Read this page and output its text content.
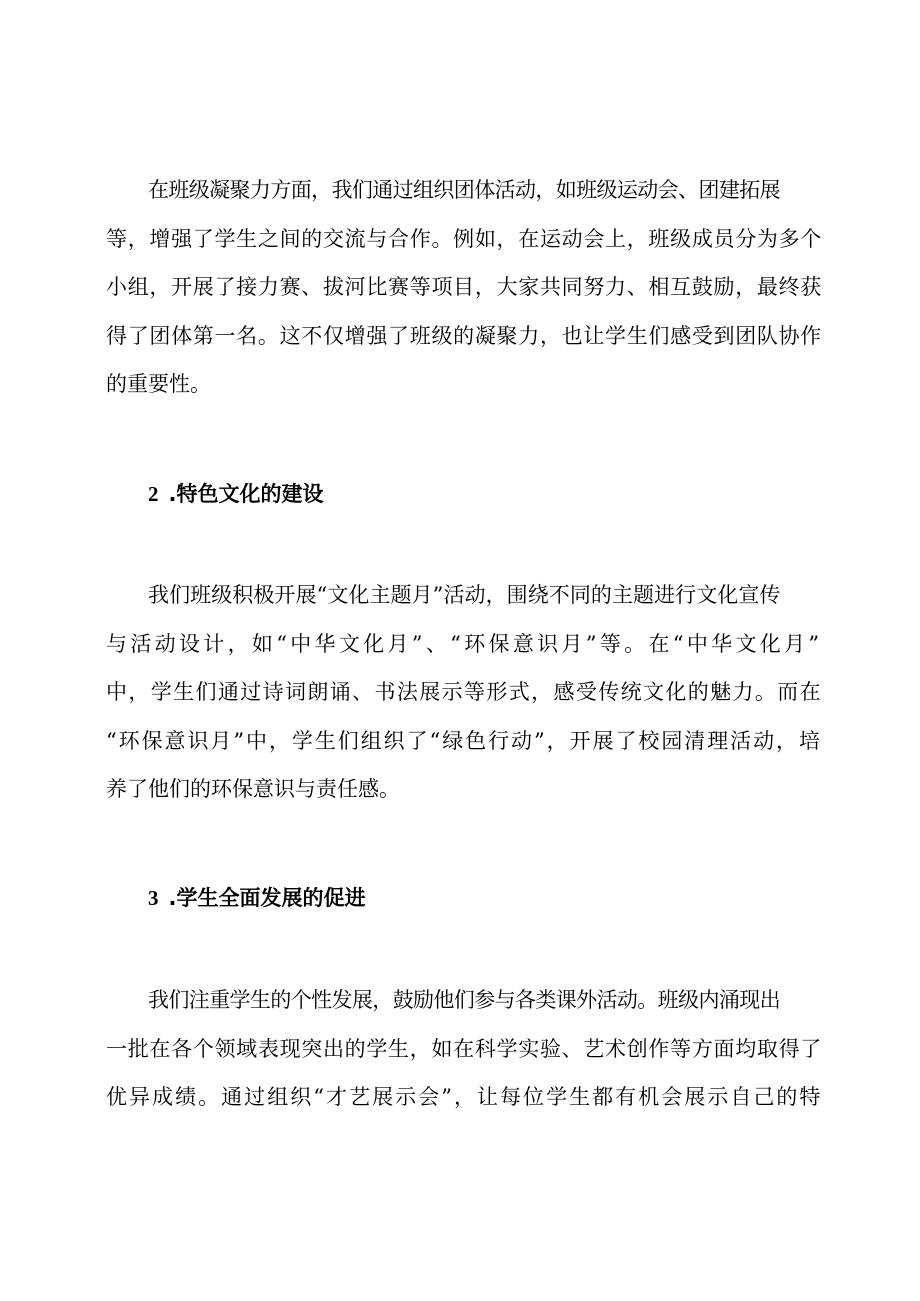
在班级凝聚力方面，我们通过组织团体活动，如班级运动会、团建拓展
等，增强了学生之间的交流与合作。例如，在运动会上，班级成员分为多个
小组，开展了接力赛、拔河比赛等项目，大家共同努力、相互鼓励，最终获
得了团体第一名。这不仅增强了班级的凝聚力，也让学生们感受到团队协作
的重要性。
2 .特色文化的建设
我们班级积极开展“文化主题月”活动，围绕不同的主题进行文化宣传
与活动设计，如“中华文化月”、“环保意识月”等。在“中华文化月”
中，学生们通过诗词朗诵、书法展示等形式，感受传统文化的魅力。而在
“环保意识月”中，学生们组织了“绿色行动”，开展了校园清理活动，培
养了他们的环保意识与责任感。
3 .学生全面发展的促进
我们注重学生的个性发展，鼓励他们参与各类课外活动。班级内涌现出
一批在各个领域表现突出的学生，如在科学实验、艺术创作等方面均取得了
优异成绩。通过组织“才艺展示会”，让每位学生都有机会展示自己的特
